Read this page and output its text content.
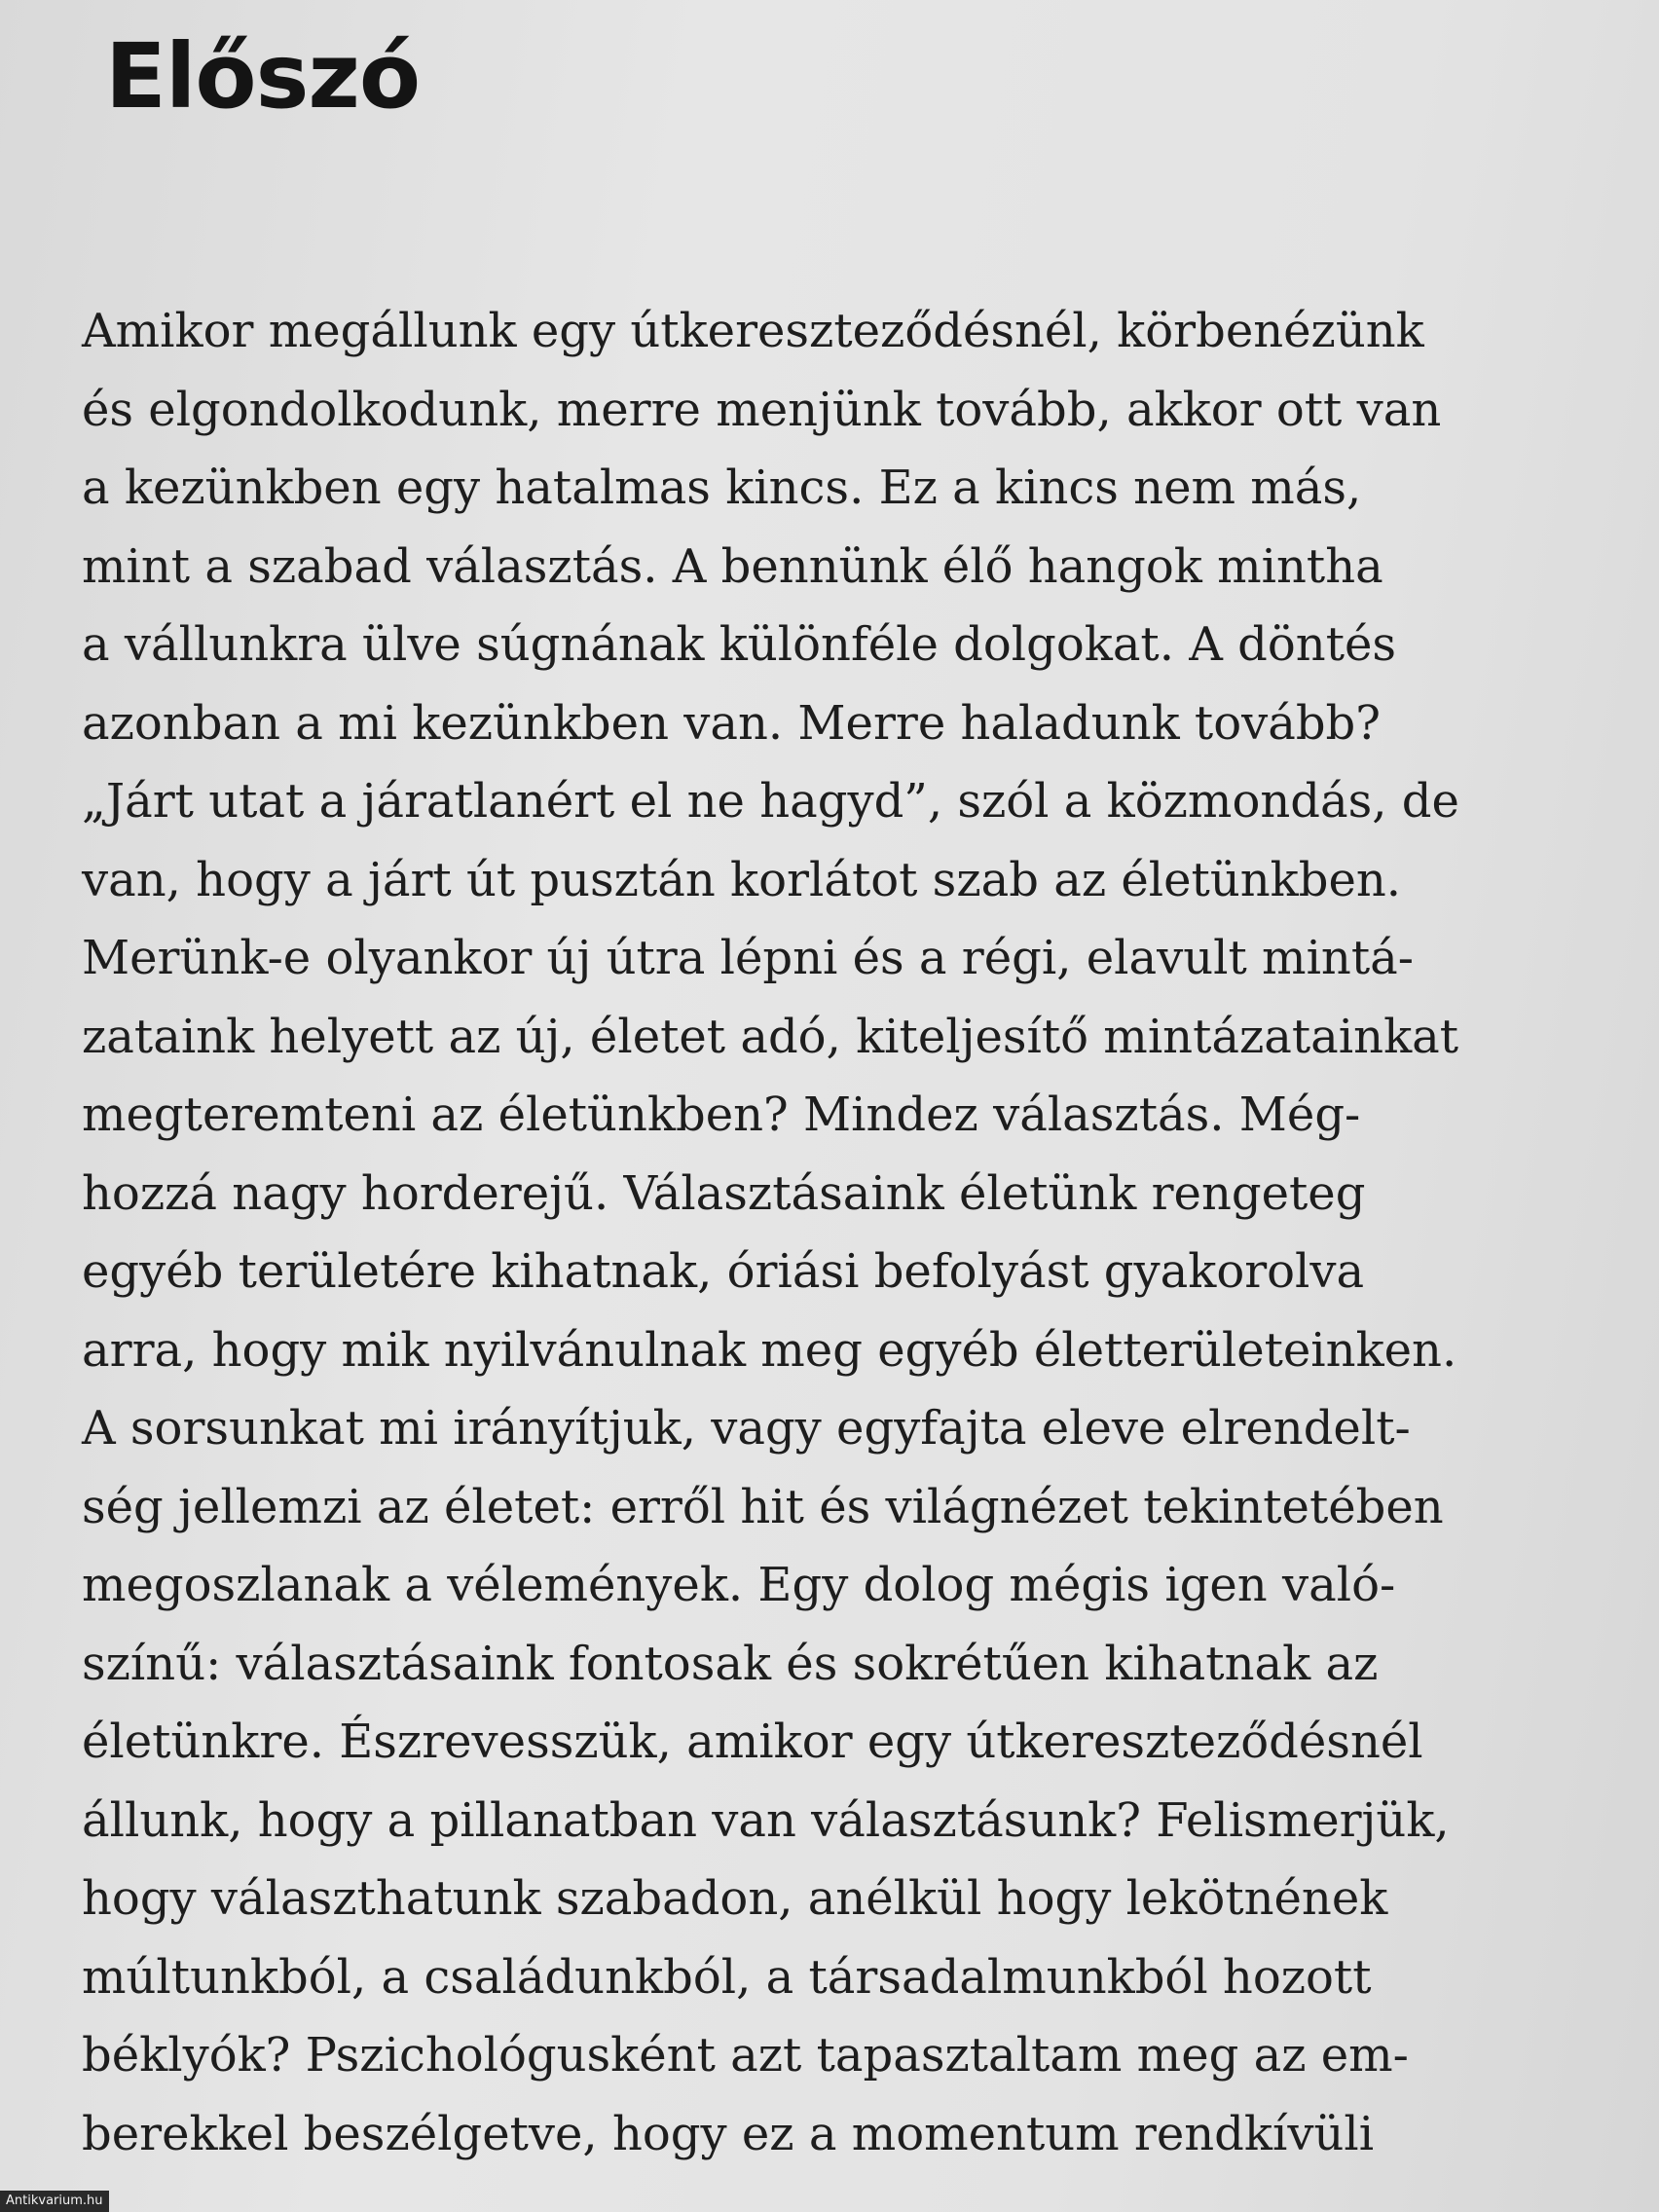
Előszó
Amikor megállunk egy útkereszteződésnél, körbenézünk
és elgondolkodunk, merre menjünk tovább, akkor ott van
a kezünkben egy hatalmas kincs. Ez a kincs nem más,
mint a szabad választás. A bennünk élő hangok mintha
a vállunkra ülve súgnának különféle dolgokat. A döntés
azonban a mi kezünkben van. Merre haladunk tovább?
„Járt utat a járatlanért el ne hagyd”, szól a közmondás, de
van, hogy a járt út pusztán korlátot szab az életünkben.
Merünk-e olyankor új útra lépni és a régi, elavult mintá-
zataink helyett az új, életet adó, kiteljesítő mintázatainkat
megteremteni az életünkben? Mindez választás. Még-
hozzá nagy horderejű. Választásaink életünk rengeteg
egyéb területére kihatnak, óriási befolyást gyakorolva
arra, hogy mik nyilvánulnak meg egyéb életterületeinken.
A sorsunkat mi irányítjuk, vagy egyfajta eleve elrendelt-
ség jellemzi az életet: erről hit és világnézet tekintetében
megoszlanak a vélemények. Egy dolog mégis igen való-
színű: választásaink fontosak és sokrétűen kihatnak az
életünkre. Észrevesszük, amikor egy útkereszteződésnél
állunk, hogy a pillanatban van választásunk? Felismerjük,
hogy választhatunk szabadon, anélkül hogy lekötnének
múltunkból, a családunkból, a társadalmunkból hozott
béklyók? Pszichológusként azt tapasztaltam meg az em-
berekkel beszélgetve, hogy ez a momentum rendkívüli
Antikvarium.hu
